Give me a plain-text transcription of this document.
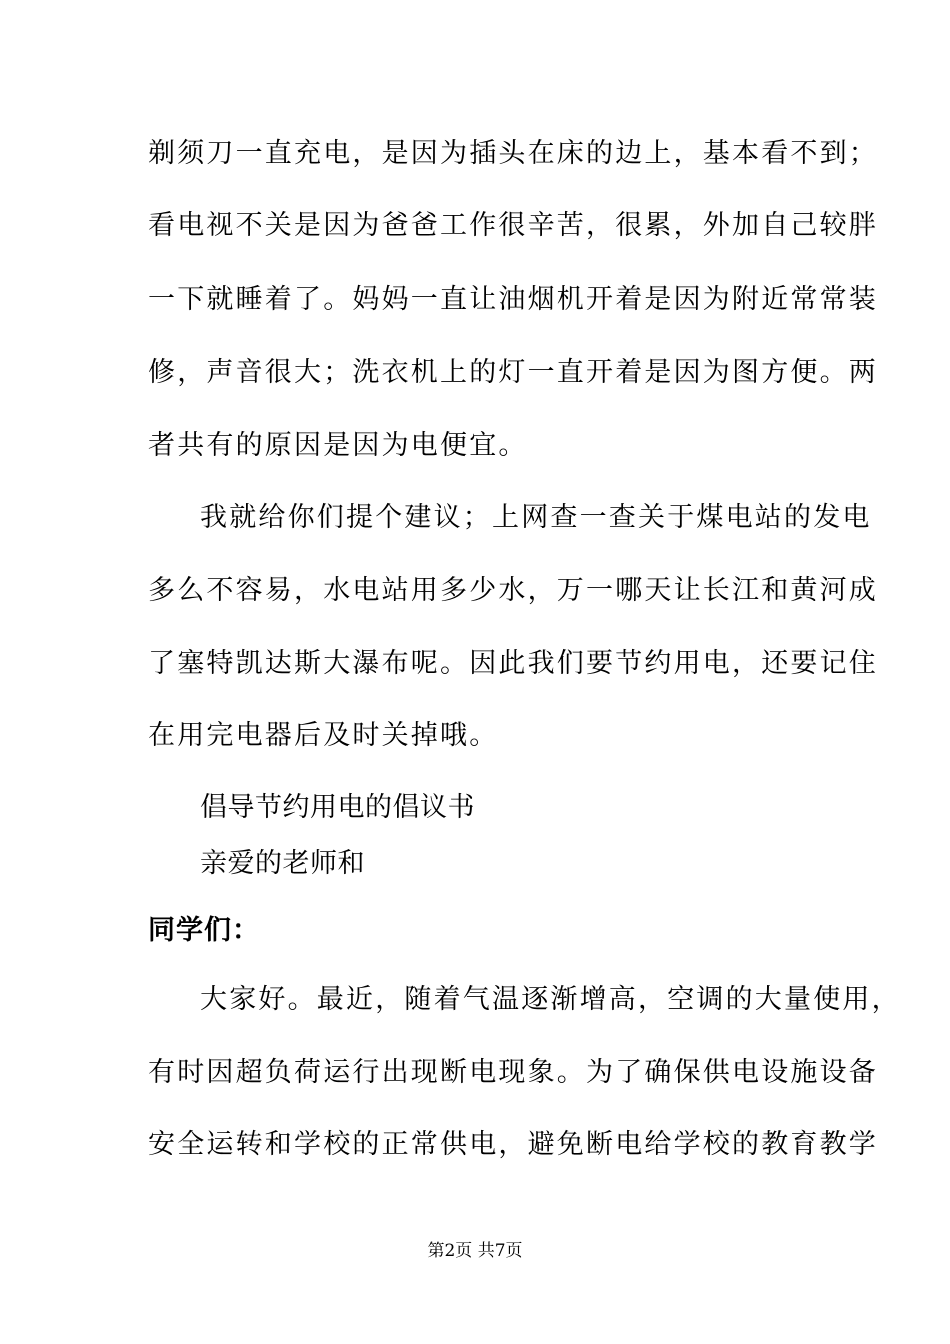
剃须刀一直充电，是因为插头在床的边上，基本看不到；
看电视不关是因为爸爸工作很辛苦，很累，外加自己较胖
一下就睡着了。妈妈一直让油烟机开着是因为附近常常装
修，声音很大；洗衣机上的灯一直开着是因为图方便。两
者共有的原因是因为电便宜。
我就给你们提个建议；上网查一查关于煤电站的发电
多么不容易，水电站用多少水，万一哪天让长江和黄河成
了塞特凯达斯大瀑布呢。因此我们要节约用电，还要记住
在用完电器后及时关掉哦。
倡导节约用电的倡议书
亲爱的老师和
同学们：
大家好。最近，随着气温逐渐增高，空调的大量使用，
有时因超负荷运行出现断电现象。为了确保供电设施设备
安全运转和学校的正常供电，避免断电给学校的教育教学
第2页 共7页
